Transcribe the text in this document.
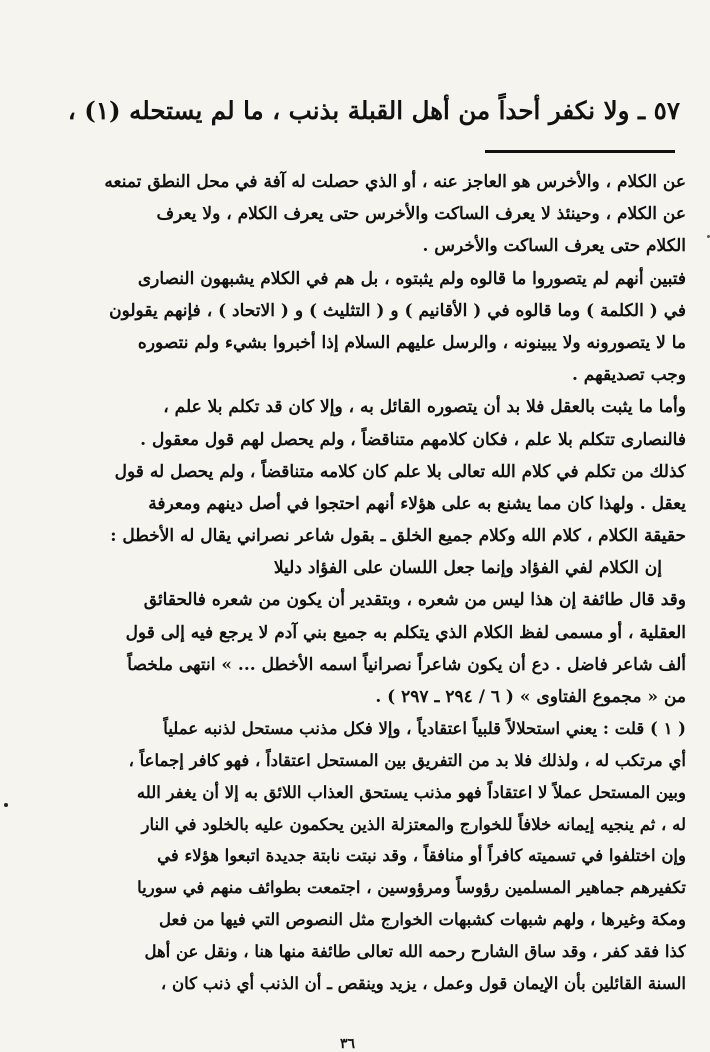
٥٧ ـ ولا نكفر أحداً من أهل القبلة بذنب ، ما لم يستحله (١) ،
عن الكلام ، والأخرس هو العاجز عنه ، أو الذي حصلت له آفة في محل النطق تمنعه
عن الكلام ، وحينئذ لا يعرف الساكت والأخرس حتى يعرف الكلام ، ولا يعرف
الكلام حتى يعرف الساكت والأخرس .
فتبين أنهم لم يتصوروا ما قالوه ولم يثبتوه ، بل هم في الكلام يشبهون النصارى
في ( الكلمة ) وما قالوه في ( الأقانيم ) و ( التثليث ) و ( الاتحاد ) ، فإنهم يقولون
ما لا يتصورونه ولا يبينونه ، والرسل عليهم السلام إذا أخبروا بشيء ولم نتصوره
وجب تصديقهم .
وأما ما يثبت بالعقل فلا بد أن يتصوره القائل به ، وإلا كان قد تكلم بلا علم ،
فالنصارى تتكلم بلا علم ، فكان كلامهم متناقضاً ، ولم يحصل لهم قول معقول .
كذلك من تكلم في كلام الله تعالى بلا علم كان كلامه متناقضاً ، ولم يحصل له قول
يعقل . ولهذا كان مما يشنع به على هؤلاء أنهم احتجوا في أصل دينهم ومعرفة
حقيقة الكلام ، كلام الله وكلام جميع الخلق ـ بقول شاعر نصراني يقال له الأخطل :
إن الكلام لفي الفؤاد وإنما جعل اللسان على الفؤاد دليلا
وقد قال طائفة إن هذا ليس من شعره ، وبتقدير أن يكون من شعره فالحقائق
العقلية ، أو مسمى لفظ الكلام الذي يتكلم به جميع بني آدم لا يرجع فيه إلى قول
ألف شاعر فاضل . دع أن يكون شاعراً نصرانياً اسمه الأخطل ... » انتهى ملخصاً
من « مجموع الفتاوى » ( ٦ / ٢٩٤ ـ ٢٩٧ ) .
( ١ ) قلت : يعني استحلالاً قلبياً اعتقادياً ، وإلا فكل مذنب مستحل لذنبه عملياً
أي مرتكب له ، ولذلك فلا بد من التفريق بين المستحل اعتقاداً ، فهو كافر إجماعاً ،
وبين المستحل عملاً لا اعتقاداً فهو مذنب يستحق العذاب اللائق به إلا أن يغفر الله
له ، ثم ينجيه إيمانه خلافاً للخوارج والمعتزلة الذين يحكمون عليه بالخلود في النار
وإن اختلفوا في تسميته كافراً أو منافقاً ، وقد نبتت نابتة جديدة اتبعوا هؤلاء في
تكفيرهم جماهير المسلمين رؤوساً ومرؤوسين ، اجتمعت بطوائف منهم في سوريا
ومكة وغيرها ، ولهم شبهات كشبهات الخوارج مثل النصوص التي فيها من فعل
كذا فقد كفر ، وقد ساق الشارح رحمه الله تعالى طائفة منها هنا ، ونقل عن أهل
السنة القائلين بأن الإيمان قول وعمل ، يزيد وينقص ـ أن الذنب أي ذنب كان ،
٣٦
